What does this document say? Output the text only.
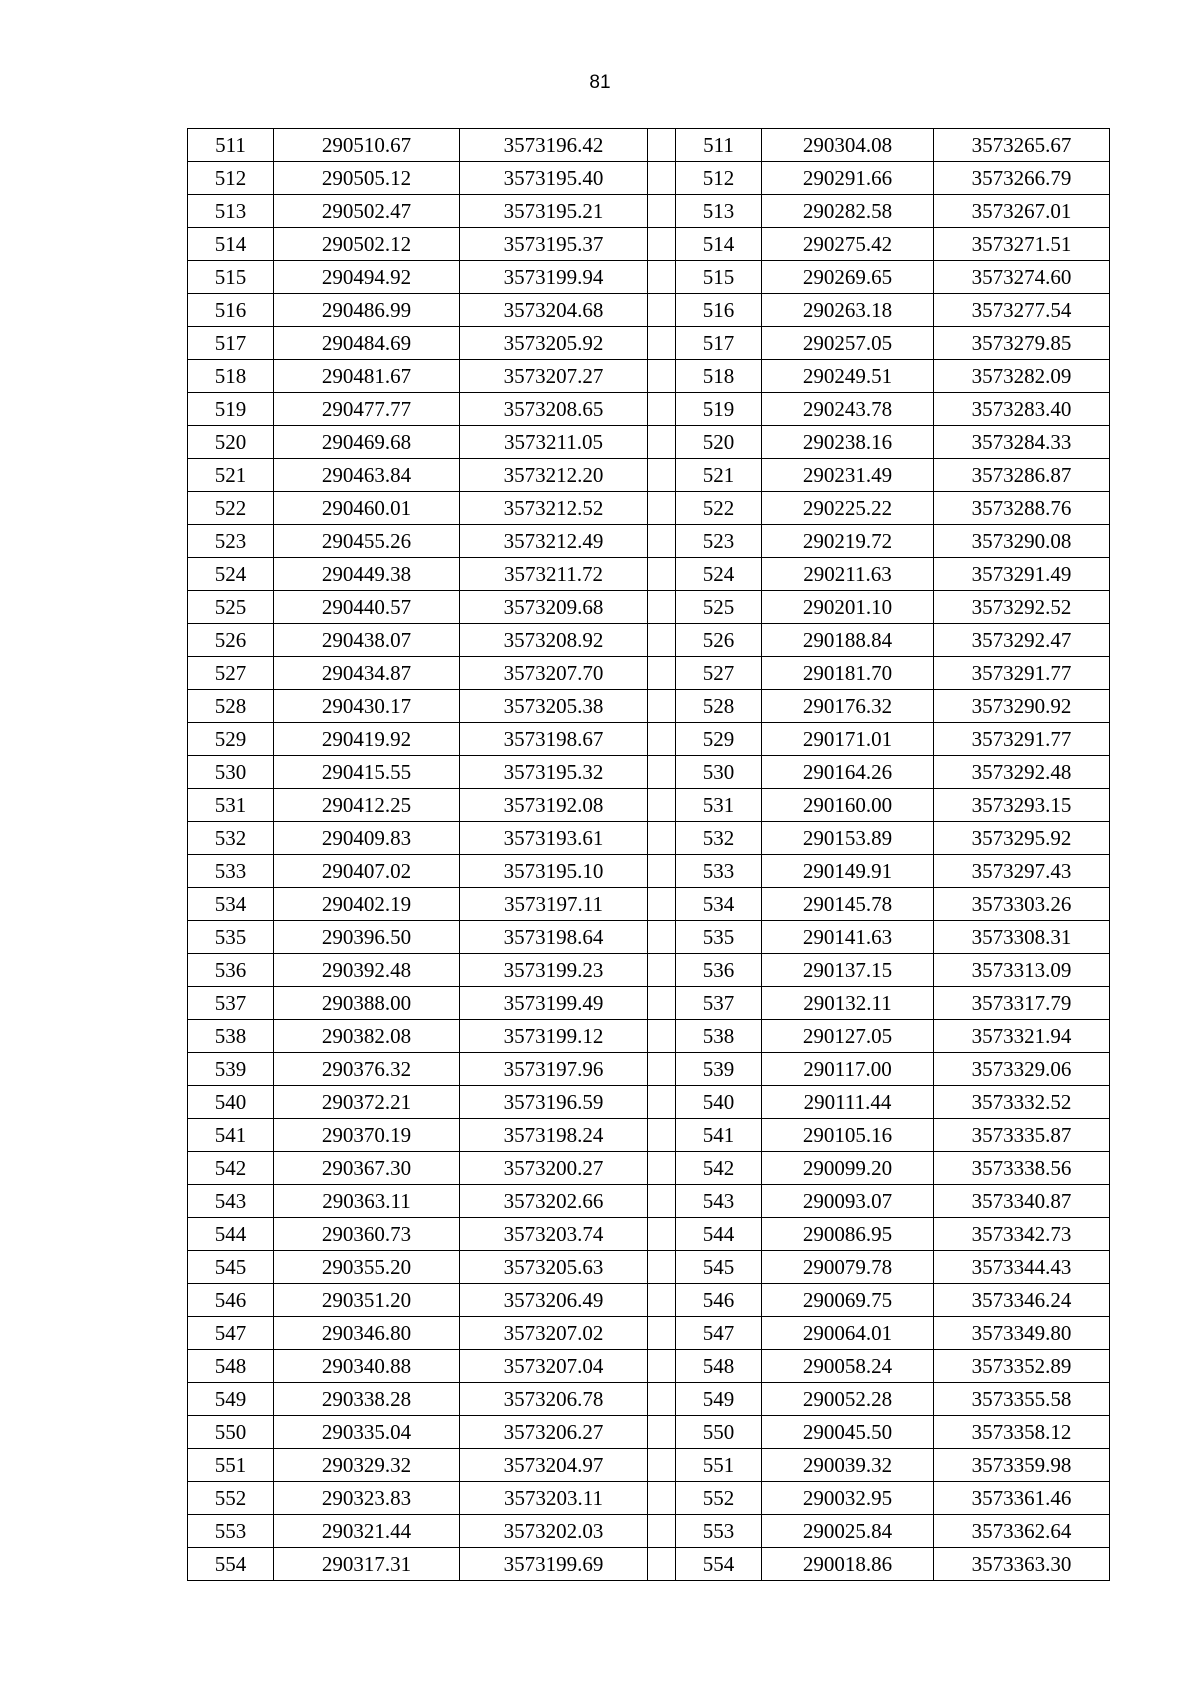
81
511	290510.67	3573196.42		511	290304.08	3573265.67
512	290505.12	3573195.40		512	290291.66	3573266.79
513	290502.47	3573195.21		513	290282.58	3573267.01
514	290502.12	3573195.37		514	290275.42	3573271.51
515	290494.92	3573199.94		515	290269.65	3573274.60
516	290486.99	3573204.68		516	290263.18	3573277.54
517	290484.69	3573205.92		517	290257.05	3573279.85
518	290481.67	3573207.27		518	290249.51	3573282.09
519	290477.77	3573208.65		519	290243.78	3573283.40
520	290469.68	3573211.05		520	290238.16	3573284.33
521	290463.84	3573212.20		521	290231.49	3573286.87
522	290460.01	3573212.52		522	290225.22	3573288.76
523	290455.26	3573212.49		523	290219.72	3573290.08
524	290449.38	3573211.72		524	290211.63	3573291.49
525	290440.57	3573209.68		525	290201.10	3573292.52
526	290438.07	3573208.92		526	290188.84	3573292.47
527	290434.87	3573207.70		527	290181.70	3573291.77
528	290430.17	3573205.38		528	290176.32	3573290.92
529	290419.92	3573198.67		529	290171.01	3573291.77
530	290415.55	3573195.32		530	290164.26	3573292.48
531	290412.25	3573192.08		531	290160.00	3573293.15
532	290409.83	3573193.61		532	290153.89	3573295.92
533	290407.02	3573195.10		533	290149.91	3573297.43
534	290402.19	3573197.11		534	290145.78	3573303.26
535	290396.50	3573198.64		535	290141.63	3573308.31
536	290392.48	3573199.23		536	290137.15	3573313.09
537	290388.00	3573199.49		537	290132.11	3573317.79
538	290382.08	3573199.12		538	290127.05	3573321.94
539	290376.32	3573197.96		539	290117.00	3573329.06
540	290372.21	3573196.59		540	290111.44	3573332.52
541	290370.19	3573198.24		541	290105.16	3573335.87
542	290367.30	3573200.27		542	290099.20	3573338.56
543	290363.11	3573202.66		543	290093.07	3573340.87
544	290360.73	3573203.74		544	290086.95	3573342.73
545	290355.20	3573205.63		545	290079.78	3573344.43
546	290351.20	3573206.49		546	290069.75	3573346.24
547	290346.80	3573207.02		547	290064.01	3573349.80
548	290340.88	3573207.04		548	290058.24	3573352.89
549	290338.28	3573206.78		549	290052.28	3573355.58
550	290335.04	3573206.27		550	290045.50	3573358.12
551	290329.32	3573204.97		551	290039.32	3573359.98
552	290323.83	3573203.11		552	290032.95	3573361.46
553	290321.44	3573202.03		553	290025.84	3573362.64
554	290317.31	3573199.69		554	290018.86	3573363.30
